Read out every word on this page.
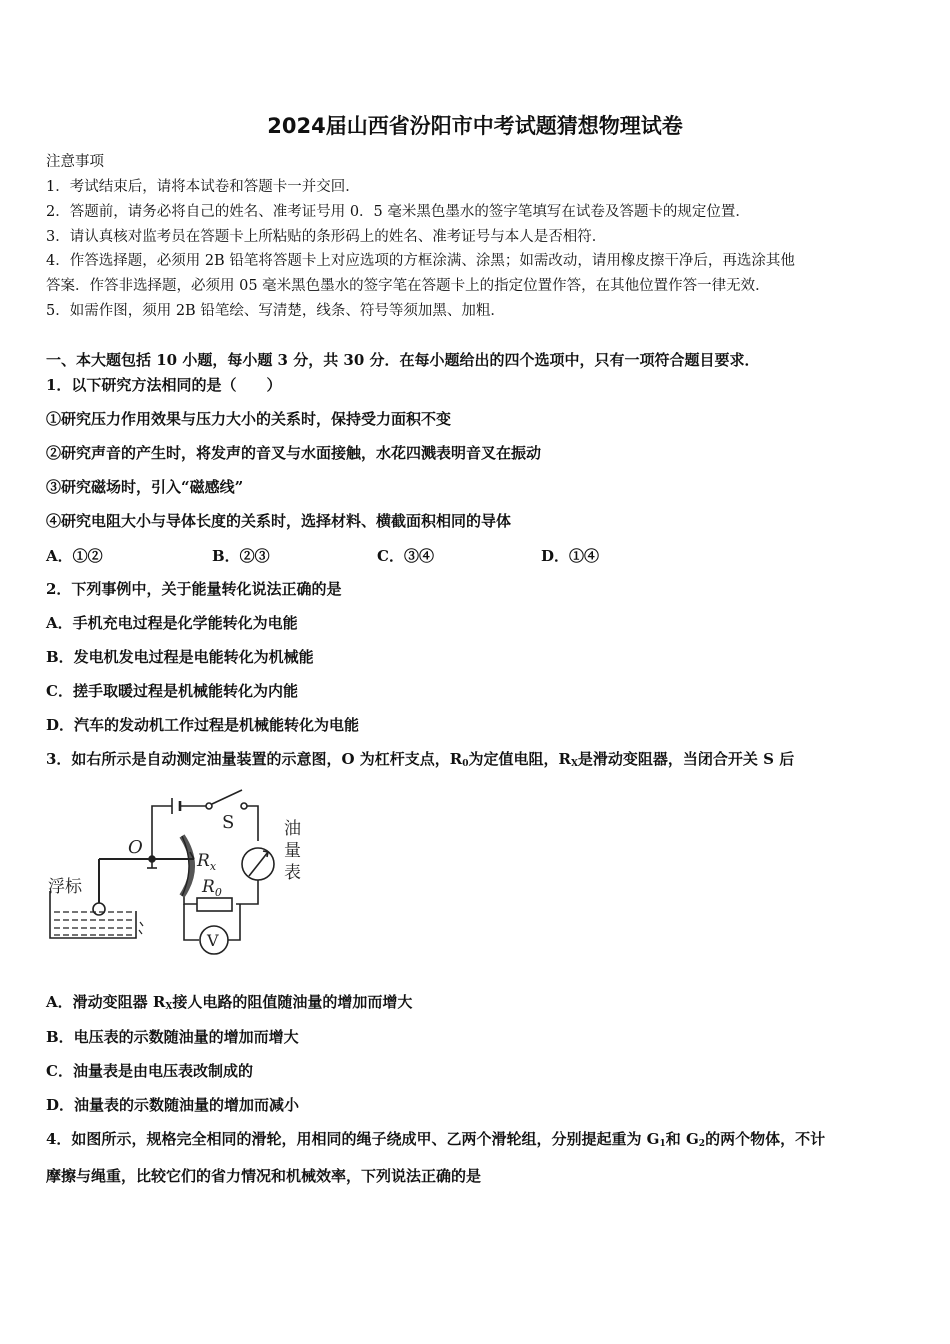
2024届山西省汾阳市中考试题猜想物理试卷
注意事项
1．考试结束后，请将本试卷和答题卡一并交回．
2．答题前，请务必将自己的姓名、准考证号用 0．5 毫米黑色墨水的签字笔填写在试卷及答题卡的规定位置．
3．请认真核对监考员在答题卡上所粘贴的条形码上的姓名、准考证号与本人是否相符．
4．作答选择题，必须用 2B 铅笔将答题卡上对应选项的方框涂满、涂黑；如需改动，请用橡皮擦干净后，再选涂其他
答案．作答非选择题，必须用 05 毫米黑色墨水的签字笔在答题卡上的指定位置作答，在其他位置作答一律无效．
5．如需作图，须用 2B 铅笔绘、写清楚，线条、符号等须加黑、加粗．
一、本大题包括 10 小题，每小题 3 分，共 30 分．在每小题给出的四个选项中，只有一项符合题目要求．
1．以下研究方法相同的是（　　）
①研究压力作用效果与压力大小的关系时，保持受力面积不变
②研究声音的产生时，将发声的音叉与水面接触，水花四溅表明音叉在振动
③研究磁场时，引入“磁感线”
④研究电阻大小与导体长度的关系时，选择材料、横截面积相同的导体
A．①②	B．②③	C．③④	D．①④
2．下列事例中，关于能量转化说法正确的是
A．手机充电过程是化学能转化为电能
B．发电机发电过程是电能转化为机械能
C．搓手取暖过程是机械能转化为内能
D．汽车的发动机工作过程是机械能转化为电能
3．如右所示是自动测定油量装置的示意图，O 为杠杆支点，$R_0$为定值电阻，$R_X$是滑动变阻器，当闭合开关 S 后
S
O
$R_x$
$R_0$
V
浮标
油
量
表
A．滑动变阻器 $R_X$接人电路的阻值随油量的增加而增大
B．电压表的示数随油量的增加而增大
C．油量表是由电压表改制成的
D．油量表的示数随油量的增加而减小
4．如图所示，规格完全相同的滑轮，用相同的绳子绕成甲、乙两个滑轮组，分别提起重为 $G_1$和 $G_2$的两个物体，不计
摩擦与绳重，比较它们的省力情况和机械效率，下列说法正确的是
